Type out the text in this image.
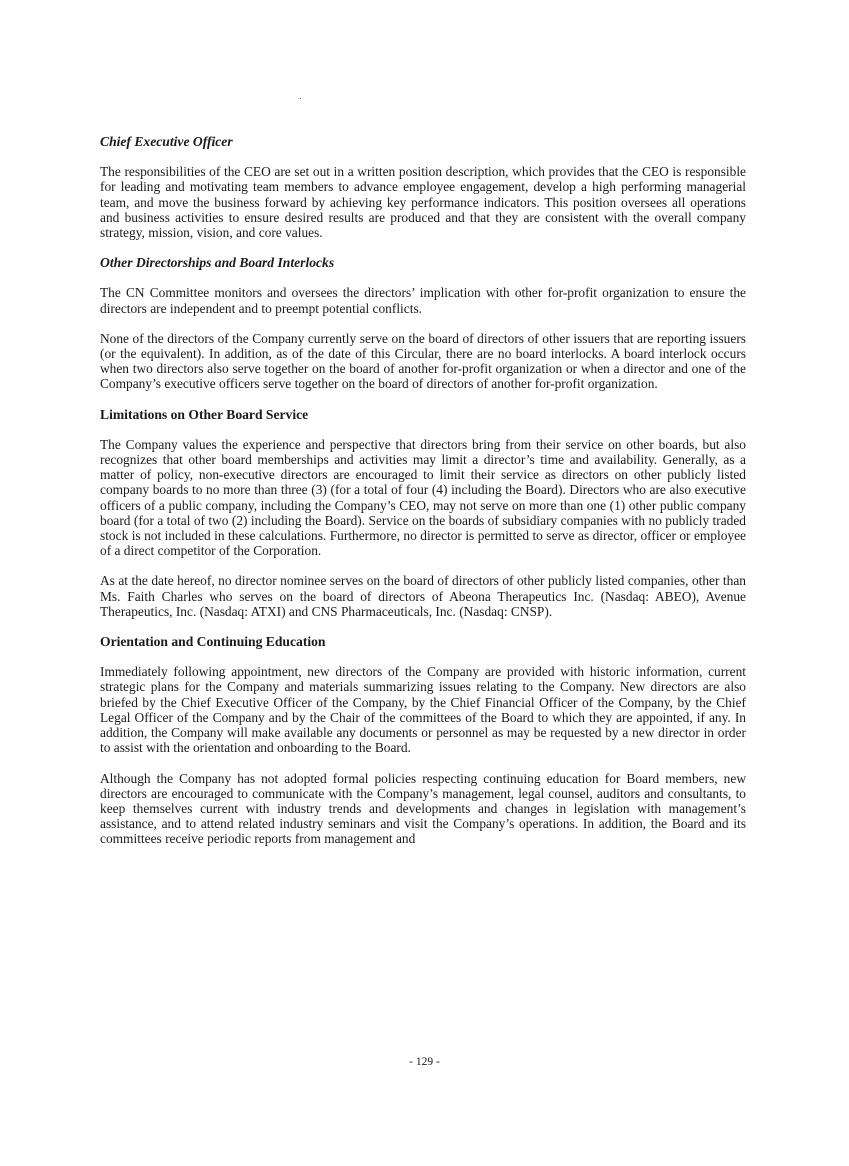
Chief Executive Officer

The responsibilities of the CEO are set out in a written position description, which provides that the CEO is responsible for leading and motivating team members to advance employee engagement, develop a high performing managerial team, and move the business forward by achieving key performance indicators. This position oversees all operations and business activities to ensure desired results are produced and that they are consistent with the overall company strategy, mission, vision, and core values.

Other Directorships and Board Interlocks

The CN Committee monitors and oversees the directors’ implication with other for-profit organization to ensure the directors are independent and to preempt potential conflicts.

None of the directors of the Company currently serve on the board of directors of other issuers that are reporting issuers (or the equivalent). In addition, as of the date of this Circular, there are no board interlocks. A board interlock occurs when two directors also serve together on the board of another for-profit organization or when a director and one of the Company’s executive officers serve together on the board of directors of another for-profit organization.

Limitations on Other Board Service

The Company values the experience and perspective that directors bring from their service on other boards, but also recognizes that other board memberships and activities may limit a director’s time and availability. Generally, as a matter of policy, non-executive directors are encouraged to limit their service as directors on other publicly listed company boards to no more than three (3) (for a total of four (4) including the Board). Directors who are also executive officers of a public company, including the Company’s CEO, may not serve on more than one (1) other public company board (for a total of two (2) including the Board). Service on the boards of subsidiary companies with no publicly traded stock is not included in these calculations. Furthermore, no director is permitted to serve as director, officer or employee of a direct competitor of the Corporation.

As at the date hereof, no director nominee serves on the board of directors of other publicly listed companies, other than Ms. Faith Charles who serves on the board of directors of Abeona Therapeutics Inc. (Nasdaq: ABEO), Avenue Therapeutics, Inc. (Nasdaq: ATXI) and CNS Pharmaceuticals, Inc. (Nasdaq: CNSP).

Orientation and Continuing Education

Immediately following appointment, new directors of the Company are provided with historic information, current strategic plans for the Company and materials summarizing issues relating to the Company. New directors are also briefed by the Chief Executive Officer of the Company, by the Chief Financial Officer of the Company, by the Chief Legal Officer of the Company and by the Chair of the committees of the Board to which they are appointed, if any. In addition, the Company will make available any documents or personnel as may be requested by a new director in order to assist with the orientation and onboarding to the Board.

Although the Company has not adopted formal policies respecting continuing education for Board members, new directors are encouraged to communicate with the Company’s management, legal counsel, auditors and consultants, to keep themselves current with industry trends and developments and changes in legislation with management’s assistance, and to attend related industry seminars and visit the Company’s operations. In addition, the Board and its committees receive periodic reports from management and

- 129 -
